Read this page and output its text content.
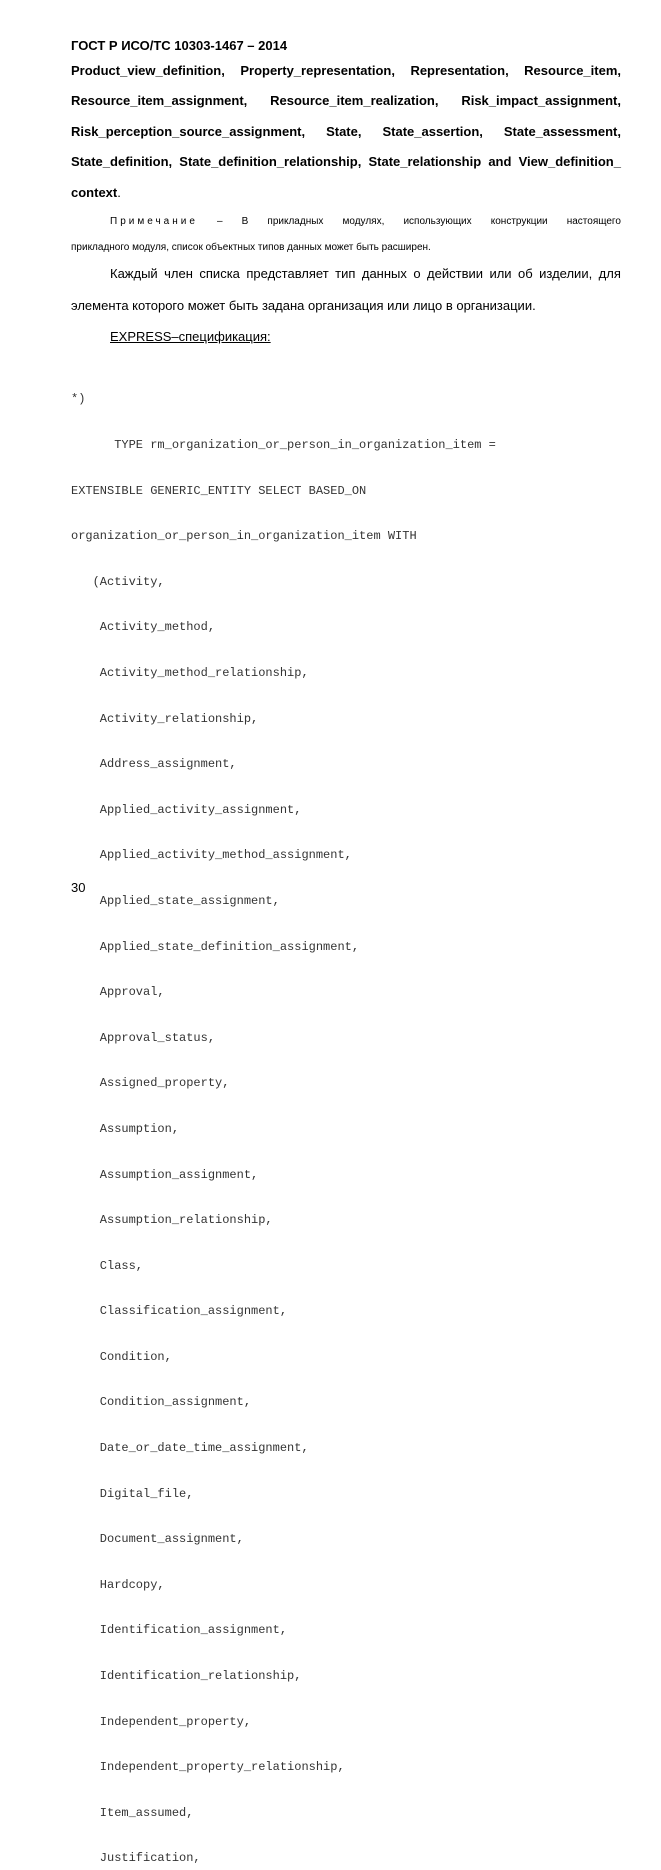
ГОСТ Р ИСО/ТС 10303-1467 – 2014
Product_view_definition, Property_representation, Representation, Resource_item,
Resource_item_assignment, Resource_item_realization, Risk_impact_assignment,
Risk_perception_source_assignment, State, State_assertion, State_assessment,
State_definition, State_definition_relationship, State_relationship and View_definition_
context.
Примечание – В прикладных модулях, использующих конструкции настоящего
прикладного модуля, список объектных типов данных может быть расширен.
Каждый член списка представляет тип данных о действии или об изделии, для
элемента которого может быть задана организация или лицо в организации.
EXPRESS–спецификация:

*)

TYPE rm_organization_or_person_in_organization_item =

EXTENSIBLE GENERIC_ENTITY SELECT BASED_ON

organization_or_person_in_organization_item WITH

(Activity,

Activity_method,

Activity_method_relationship,

Activity_relationship,

Address_assignment,

Applied_activity_assignment,

Applied_activity_method_assignment,

Applied_state_assignment,

Applied_state_definition_assignment,

Approval,

Approval_status,

Assigned_property,

Assumption,

Assumption_assignment,

Assumption_relationship,

Class,

Classification_assignment,

Condition,

Condition_assignment,

Date_or_date_time_assignment,

Digital_file,

Document_assignment,

Hardcopy,

Identification_assignment,

Identification_relationship,

Independent_property,

Independent_property_relationship,

Item_assumed,

Justification,

30
